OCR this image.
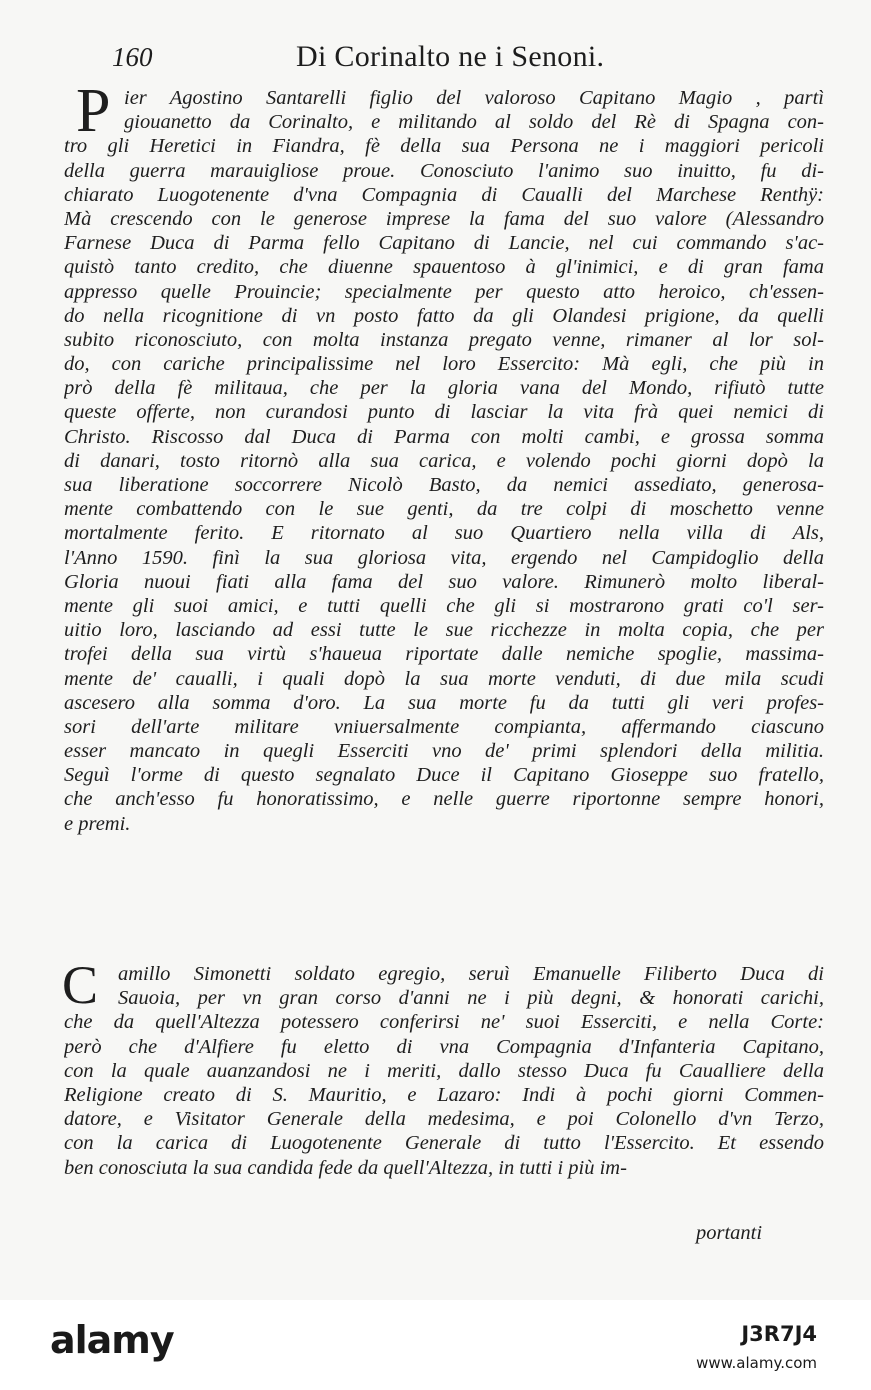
160	Di Corinalto ne i Senoni.
P ier Agostino Santarelli figlio del valoroso Capitano Magio , partì
giouanetto da Corinalto, e militando al soldo del Rè di Spagna con-
tro gli Heretici in Fiandra, fè della sua Persona ne i maggiori pericoli
della guerra marauigliose proue. Conosciuto l'animo suo inuitto, fu di-
chiarato Luogotenente d'vna Compagnia di Caualli del Marchese Renthÿ:
Mà crescendo con le generose imprese la fama del suo valore (Alessandro
Farnese Duca di Parma fello Capitano di Lancie, nel cui commando s'ac-
quistò tanto credito, che diuenne spauentoso à gl'inimici, e di gran fama
appresso quelle Prouincie; specialmente per questo atto heroico, ch'essen-
do nella ricognitione di vn posto fatto da gli Olandesi prigione, da quelli
subito riconosciuto, con molta instanza pregato venne, rimaner al lor sol-
do, con cariche principalissime nel loro Essercito: Mà egli, che più in
prò della fè militaua, che per la gloria vana del Mondo, rifiutò tutte
queste offerte, non curandosi punto di lasciar la vita frà quei nemici di
Christo. Riscosso dal Duca di Parma con molti cambi, e grossa somma
di danari, tosto ritornò alla sua carica, e volendo pochi giorni dopò la
sua liberatione soccorrere Nicolò Basto, da nemici assediato, generosa-
mente combattendo con le sue genti, da tre colpi di moschetto venne
mortalmente ferito. E ritornato al suo Quartiero nella villa di Als,
l'Anno 1590. finì la sua gloriosa vita, ergendo nel Campidoglio della
Gloria nuoui fiati alla fama del suo valore. Rimunerò molto liberal-
mente gli suoi amici, e tutti quelli che gli si mostrarono grati co'l ser-
uitio loro, lasciando ad essi tutte le sue ricchezze in molta copia, che per
trofei della sua virtù s'haueua riportate dalle nemiche spoglie, massima-
mente de' caualli, i quali dopò la sua morte venduti, di due mila scudi
ascesero alla somma d'oro. La sua morte fu da tutti gli veri profes-
sori dell'arte militare vniuersalmente compianta, affermando ciascuno
esser mancato in quegli Esserciti vno de' primi splendori della militia.
Seguì l'orme di questo segnalato Duce il Capitano Gioseppe suo fratello,
che anch'esso fu honoratissimo, e nelle guerre riportonne sempre honori,
e premi.
C amillo Simonetti soldato egregio, seruì Emanuelle Filiberto Duca di
Sauoia, per vn gran corso d'anni ne i più degni, & honorati carichi,
che da quell'Altezza potessero conferirsi ne' suoi Esserciti, e nella Corte:
però che d'Alfiere fu eletto di vna Compagnia d'Infanteria Capitano,
con la quale auanzandosi ne i meriti, dallo stesso Duca fu Caualliere della
Religione creato di S. Mauritio, e Lazaro: Indi à pochi giorni Commen-
datore, e Visitator Generale della medesima, e poi Colonello d'vn Terzo,
con la carica di Luogotenente Generale di tutto l'Essercito. Et essendo
ben conosciuta la sua candida fede da quell'Altezza, in tutti i più im-
portanti
alamy	J3R7J4
www.alamy.com
